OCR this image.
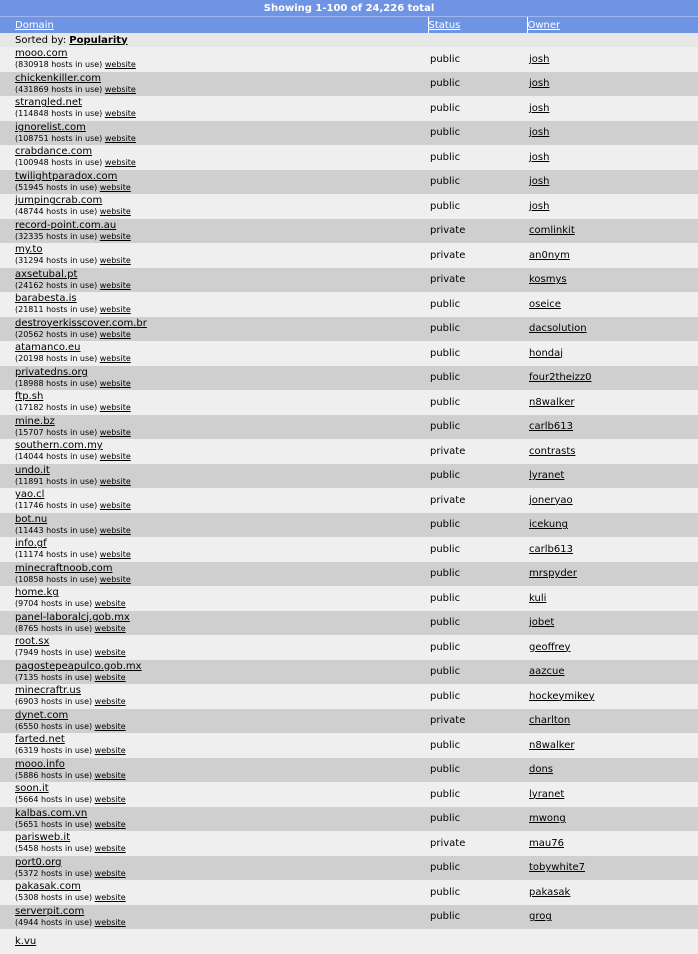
Showing 1-100 of 24,226 total		
Domain	Status	Owner
Sorted by: Popularity		
mooo.com
(830918 hosts in use) website	public	josh
chickenkiller.com
(431869 hosts in use) website	public	josh
strangled.net
(114848 hosts in use) website	public	josh
ignorelist.com
(108751 hosts in use) website	public	josh
crabdance.com
(100948 hosts in use) website	public	josh
twilightparadox.com
(51945 hosts in use) website	public	josh
jumpingcrab.com
(48744 hosts in use) website	public	josh
record-point.com.au
(32335 hosts in use) website	private	comlinkit
my.to
(31294 hosts in use) website	private	an0nym
axsetubal.pt
(24162 hosts in use) website	private	kosmys
barabesta.is
(21811 hosts in use) website	public	oseice
destroyerkisscover.com.br
(20562 hosts in use) website	public	dacsolution
atamanco.eu
(20198 hosts in use) website	public	hondaj
privatedns.org
(18988 hosts in use) website	public	four2theizz0
ftp.sh
(17182 hosts in use) website	public	n8walker
mine.bz
(15707 hosts in use) website	public	carlb613
southern.com.my
(14044 hosts in use) website	private	contrasts
undo.it
(11891 hosts in use) website	public	lyranet
yao.cl
(11746 hosts in use) website	private	joneryao
bot.nu
(11443 hosts in use) website	public	icekung
info.gf
(11174 hosts in use) website	public	carlb613
minecraftnoob.com
(10858 hosts in use) website	public	mrspyder
home.kg
(9704 hosts in use) website	public	kuli
panel-laboralcj.gob.mx
(8765 hosts in use) website	public	jobet
root.sx
(7949 hosts in use) website	public	geoffrey
pagostepeapulco.gob.mx
(7135 hosts in use) website	public	aazcue
minecraftr.us
(6903 hosts in use) website	public	hockeymikey
dynet.com
(6550 hosts in use) website	private	charlton
farted.net
(6319 hosts in use) website	public	n8walker
mooo.info
(5886 hosts in use) website	public	dons
soon.it
(5664 hosts in use) website	public	lyranet
kalbas.com.vn
(5651 hosts in use) website	public	mwong
parisweb.it
(5458 hosts in use) website	private	mau76
port0.org
(5372 hosts in use) website	public	tobywhite7
pakasak.com
(5308 hosts in use) website	public	pakasak
serverpit.com
(4944 hosts in use) website	public	grog
k.vu		
